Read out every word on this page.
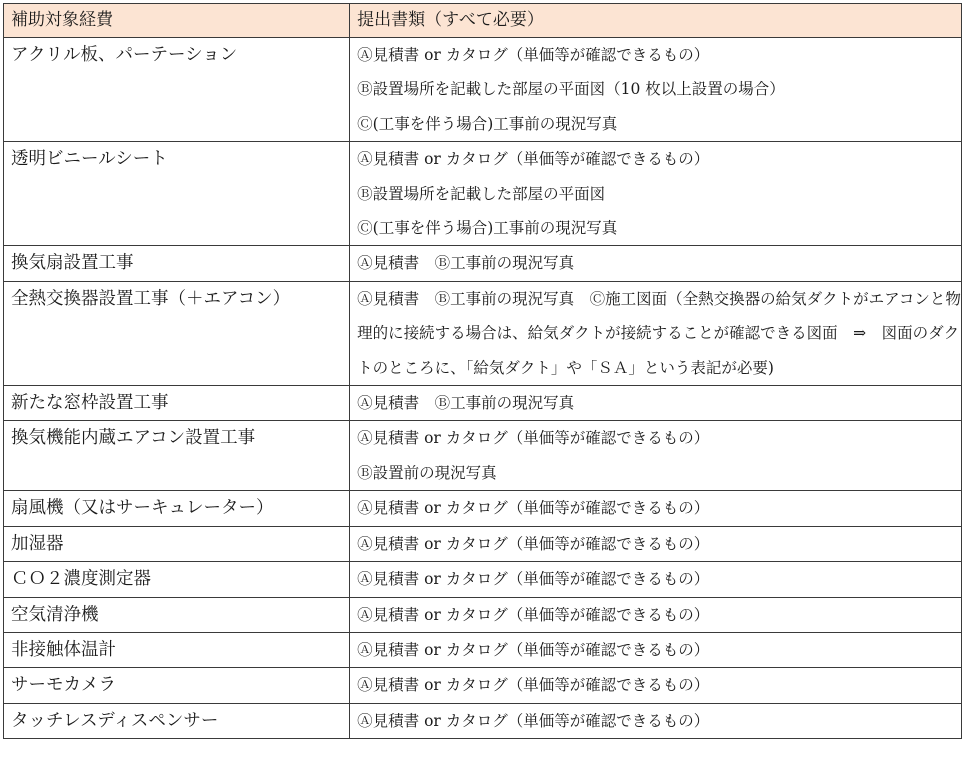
補助対象経費	提出書類（すべて必要）
アクリル板、パーテーション	Ⓐ見積書 or カタログ（単価等が確認できるもの）
Ⓑ設置場所を記載した部屋の平面図（10 枚以上設置の場合）
Ⓒ(工事を伴う場合)工事前の現況写真

透明ビニールシート	Ⓐ見積書 or カタログ（単価等が確認できるもの）
Ⓑ設置場所を記載した部屋の平面図
Ⓒ(工事を伴う場合)工事前の現況写真

換気扇設置工事	Ⓐ見積書　Ⓑ工事前の現況写真

全熱交換器設置工事（＋エアコン）	Ⓐ見積書　Ⓑ工事前の現況写真　Ⓒ施工図面（全熱交換器の給気ダクトがエアコンと物理的に接続する場合は、給気ダクトが接続することが確認できる図面　⇒　図面のダクトのところに、「給気ダクト」や「ＳＡ」という表記が必要)

新たな窓枠設置工事	Ⓐ見積書　Ⓑ工事前の現況写真

換気機能内蔵エアコン設置工事	Ⓐ見積書 or カタログ（単価等が確認できるもの）
Ⓑ設置前の現況写真

扇風機（又はサーキュレーター）	Ⓐ見積書 or カタログ（単価等が確認できるもの）

加湿器	Ⓐ見積書 or カタログ（単価等が確認できるもの）

ＣＯ２濃度測定器	Ⓐ見積書 or カタログ（単価等が確認できるもの）

空気清浄機	Ⓐ見積書 or カタログ（単価等が確認できるもの）

非接触体温計	Ⓐ見積書 or カタログ（単価等が確認できるもの）

サーモカメラ	Ⓐ見積書 or カタログ（単価等が確認できるもの）

タッチレスディスペンサー	Ⓐ見積書 or カタログ（単価等が確認できるもの）
